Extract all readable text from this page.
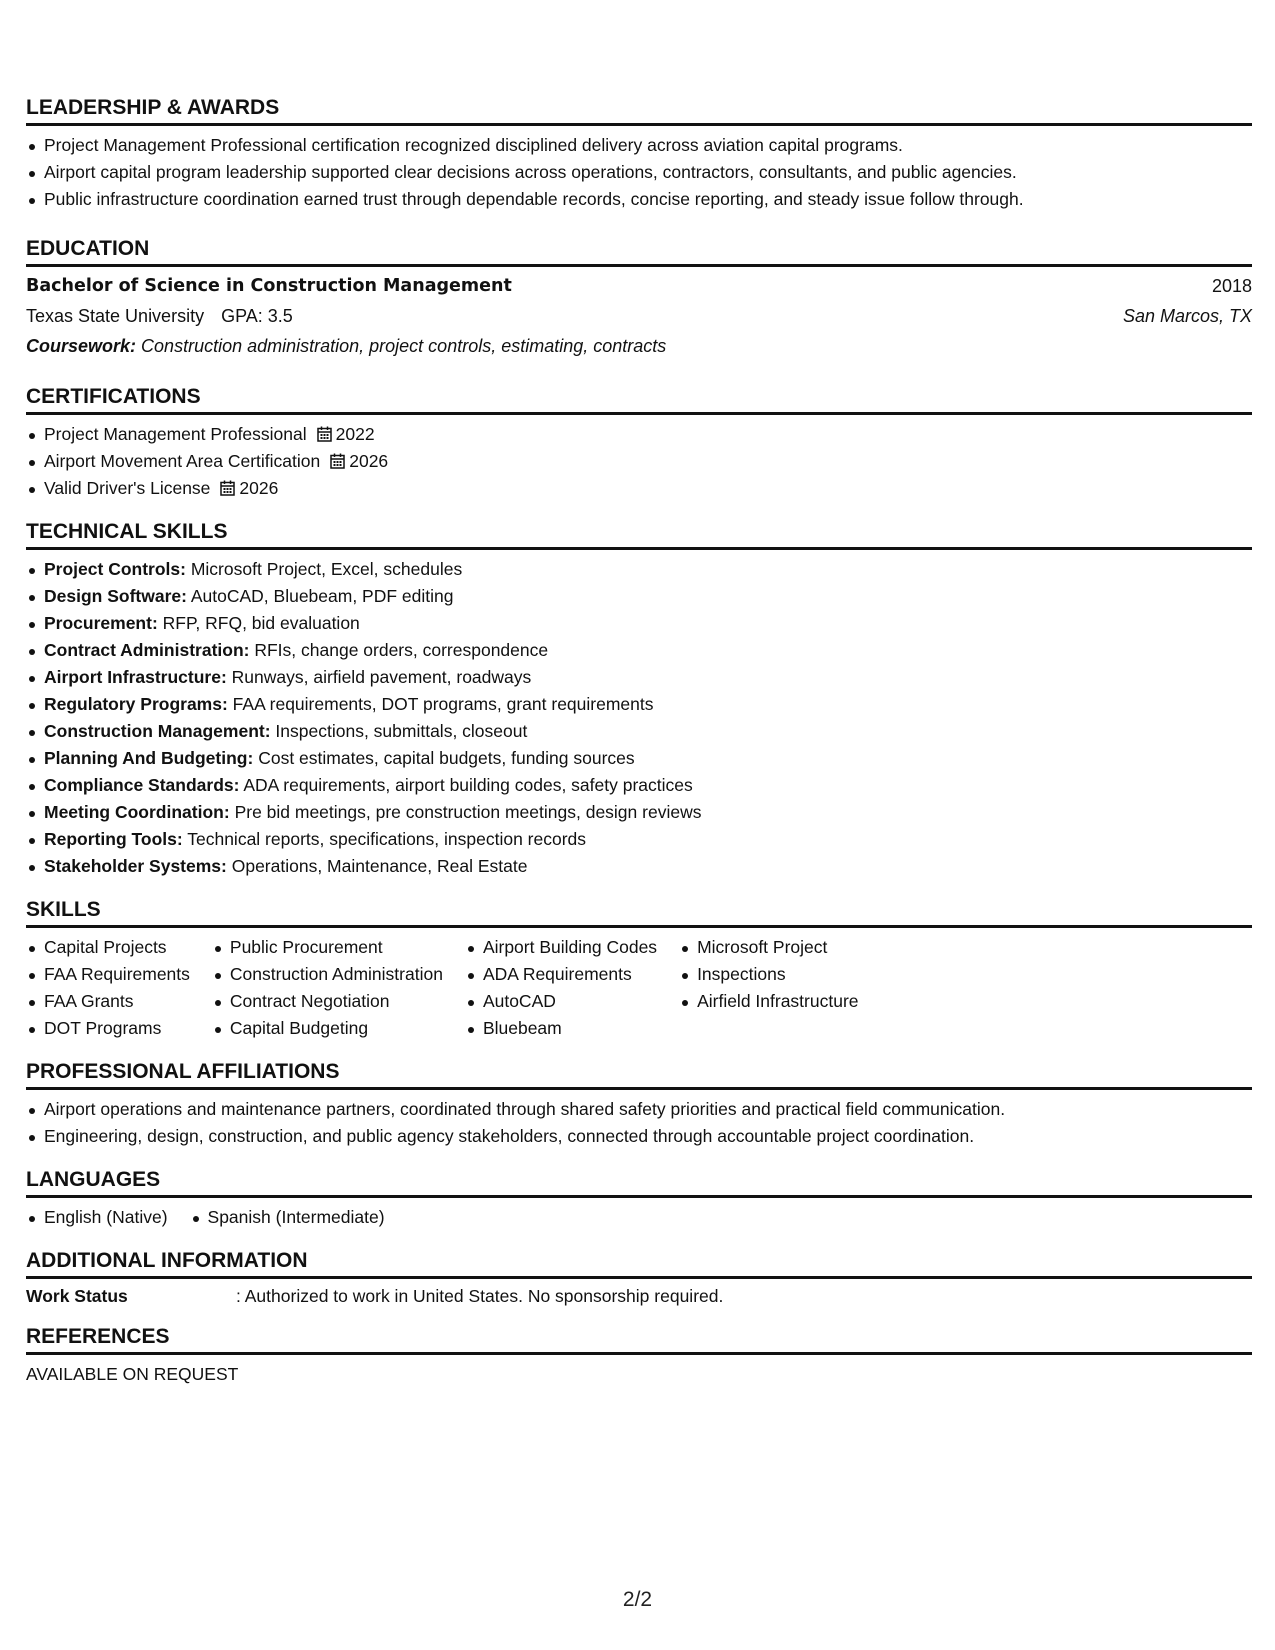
LEADERSHIP & AWARDS
Project Management Professional certification recognized disciplined delivery across aviation capital programs.
Airport capital program leadership supported clear decisions across operations, contractors, consultants, and public agencies.
Public infrastructure coordination earned trust through dependable records, concise reporting, and steady issue follow through.
EDUCATION
Bachelor of Science in Construction Management	2018
Texas State University GPA: 3.5	San Marcos, TX
Coursework: Construction administration, project controls, estimating, contracts
CERTIFICATIONS
Project Management Professional 2022
Airport Movement Area Certification 2026
Valid Driver's License 2026
TECHNICAL SKILLS
Project Controls: Microsoft Project, Excel, schedules
Design Software: AutoCAD, Bluebeam, PDF editing
Procurement: RFP, RFQ, bid evaluation
Contract Administration: RFIs, change orders, correspondence
Airport Infrastructure: Runways, airfield pavement, roadways
Regulatory Programs: FAA requirements, DOT programs, grant requirements
Construction Management: Inspections, submittals, closeout
Planning And Budgeting: Cost estimates, capital budgets, funding sources
Compliance Standards: ADA requirements, airport building codes, safety practices
Meeting Coordination: Pre bid meetings, pre construction meetings, design reviews
Reporting Tools: Technical reports, specifications, inspection records
Stakeholder Systems: Operations, Maintenance, Real Estate
SKILLS
Capital Projects
FAA Requirements
FAA Grants
DOT Programs
Public Procurement
Construction Administration
Contract Negotiation
Capital Budgeting
Airport Building Codes
ADA Requirements
AutoCAD
Bluebeam
Microsoft Project
Inspections
Airfield Infrastructure
PROFESSIONAL AFFILIATIONS
Airport operations and maintenance partners, coordinated through shared safety priorities and practical field communication.
Engineering, design, construction, and public agency stakeholders, connected through accountable project coordination.
LANGUAGES
English (Native)	Spanish (Intermediate)
ADDITIONAL INFORMATION
Work Status	: Authorized to work in United States. No sponsorship required.
REFERENCES
AVAILABLE ON REQUEST
2/2
